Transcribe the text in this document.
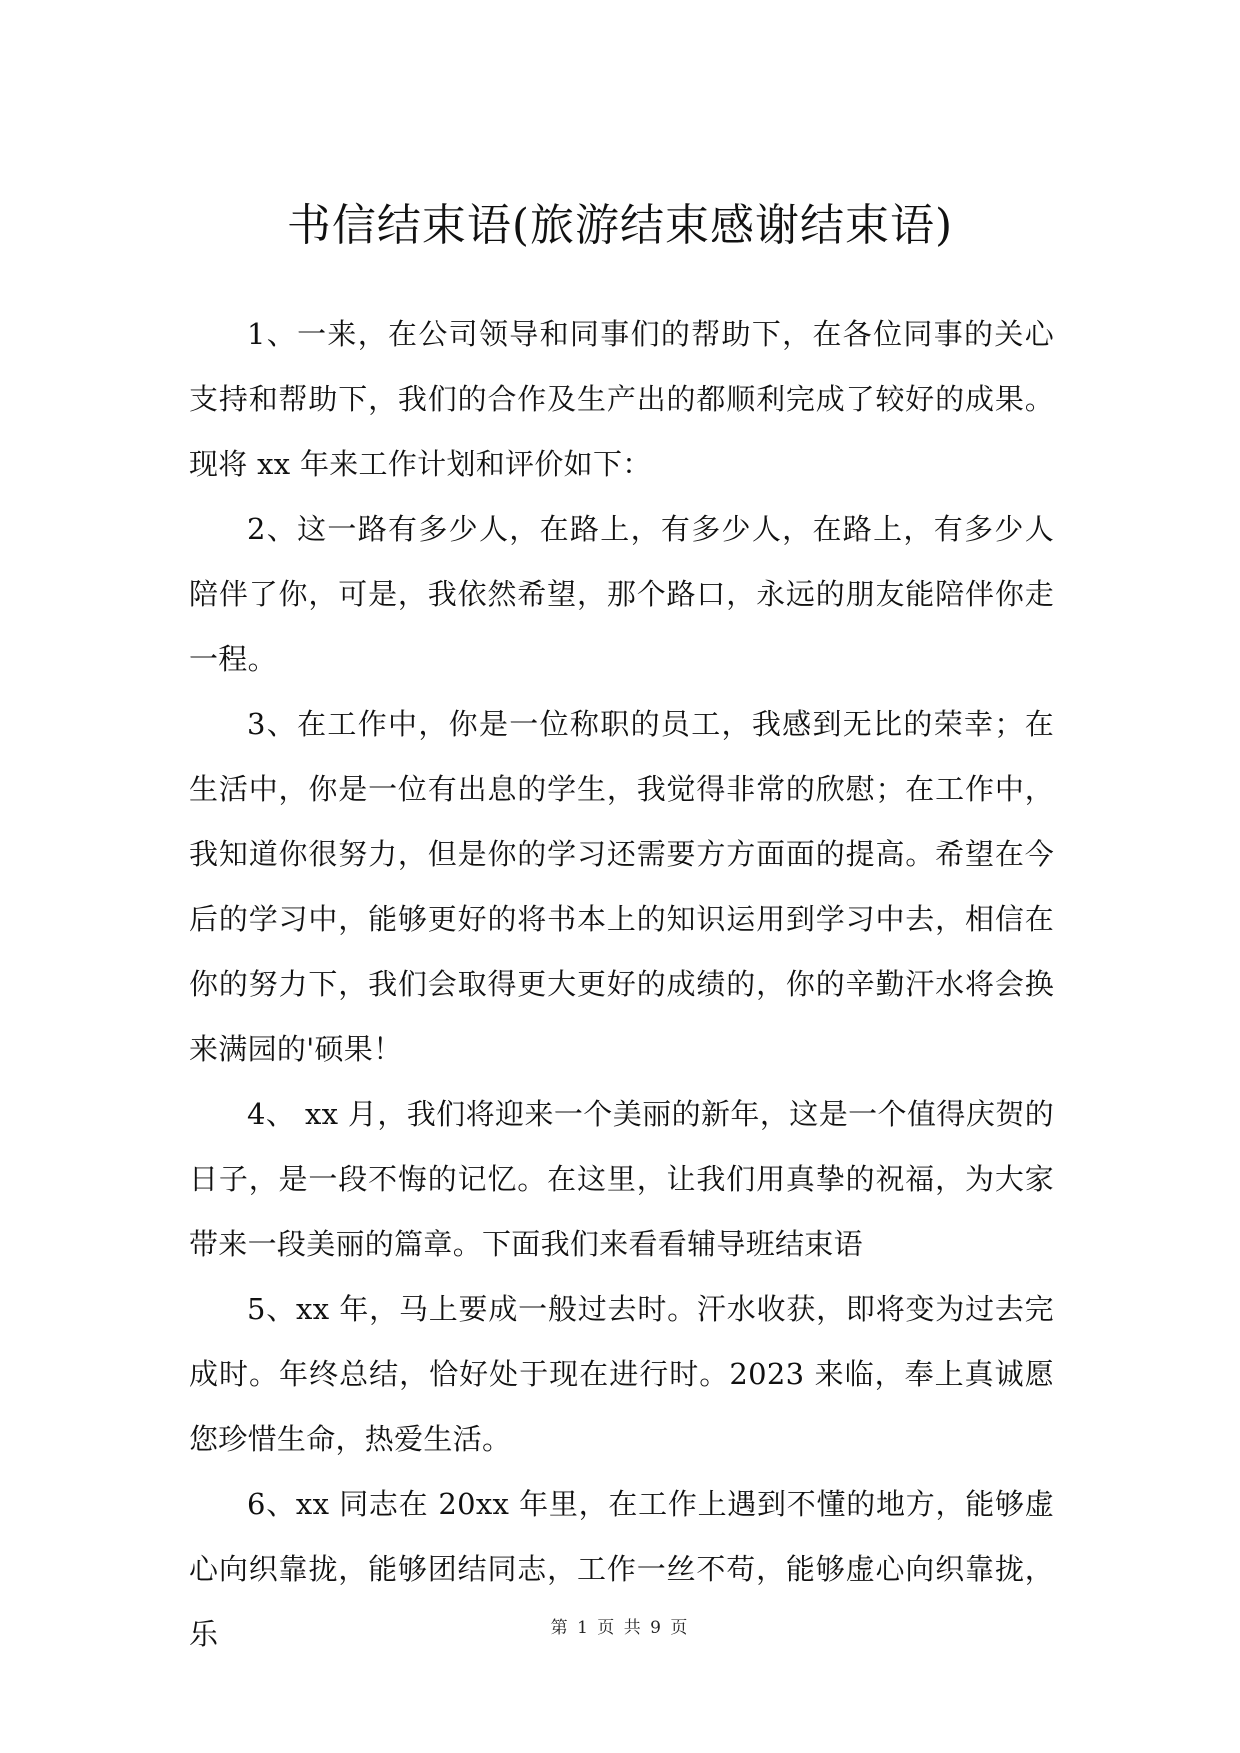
书信结束语(旅游结束感谢结束语)

1、一来，在公司领导和同事们的帮助下，在各位同事的关心支持和帮助下，我们的合作及生产出的都顺利完成了较好的成果。现将 xx 年来工作计划和评价如下：

2、这一路有多少人，在路上，有多少人，在路上，有多少人陪伴了你，可是，我依然希望，那个路口，永远的朋友能陪伴你走一程。

3、在工作中，你是一位称职的员工，我感到无比的荣幸；在生活中，你是一位有出息的学生，我觉得非常的欣慰；在工作中，我知道你很努力，但是你的学习还需要方方面面的提高。希望在今后的学习中，能够更好的将书本上的知识运用到学习中去，相信在你的努力下，我们会取得更大更好的成绩的，你的辛勤汗水将会换来满园的'硕果！

4、 xx 月，我们将迎来一个美丽的新年，这是一个值得庆贺的日子，是一段不悔的记忆。在这里，让我们用真挚的祝福，为大家带来一段美丽的篇章。下面我们来看看辅导班结束语

5、xx 年，马上要成一般过去时。汗水收获，即将变为过去完成时。年终总结，恰好处于现在进行时。2023 来临，奉上真诚愿您珍惜生命，热爱生活。

6、xx 同志在 20xx 年里，在工作上遇到不懂的地方，能够虚心向织靠拢，能够团结同志，工作一丝不苟，能够虚心向织靠拢，乐	第 1 页 共 9 页
